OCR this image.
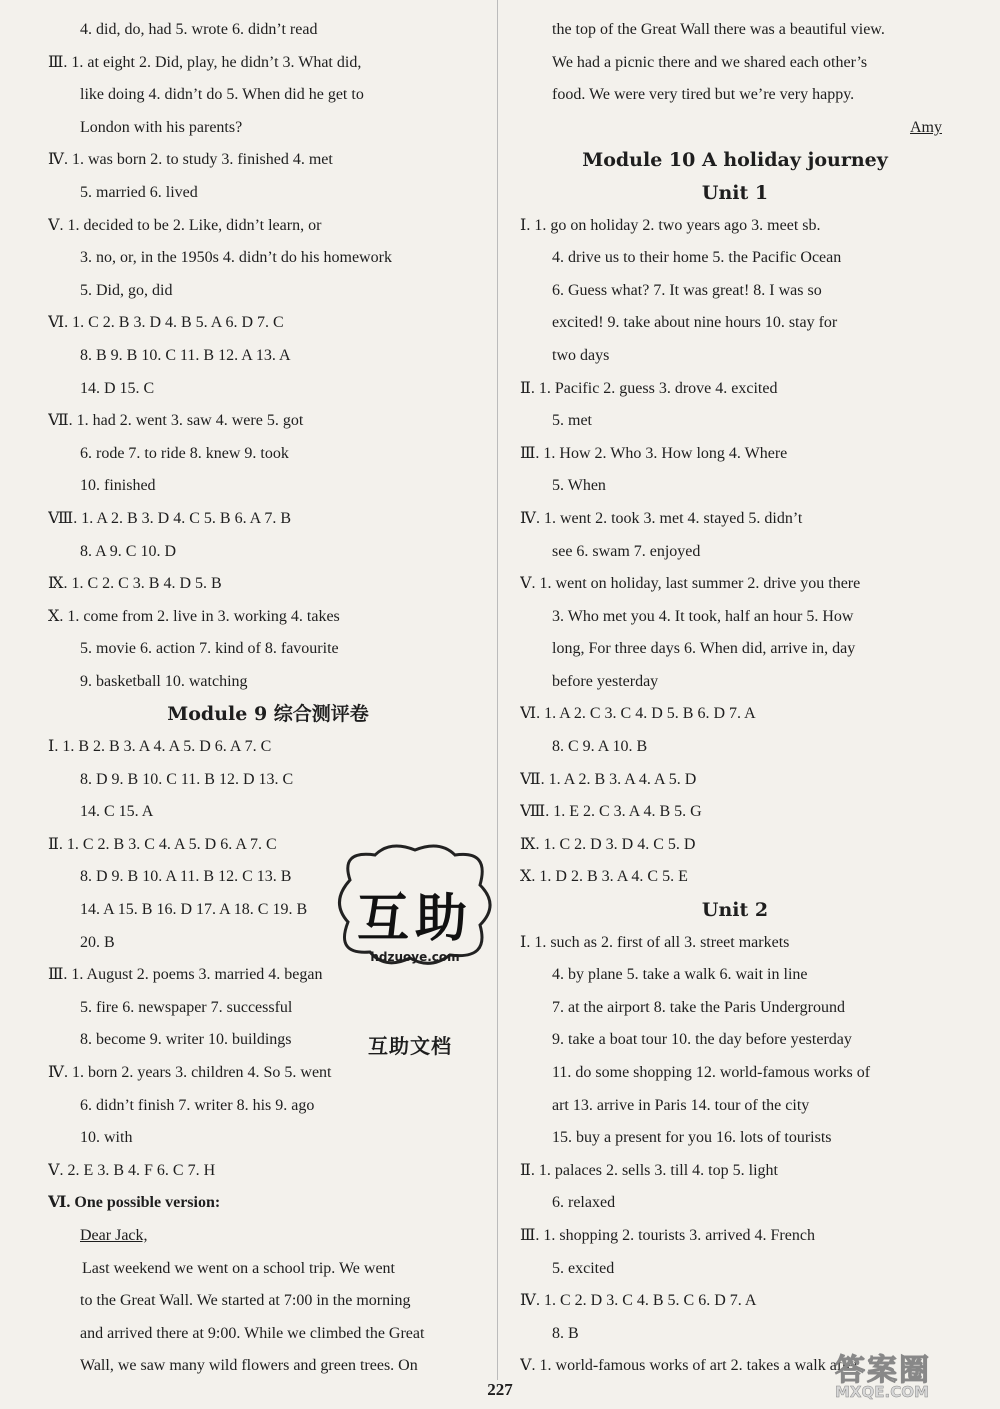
4. did, do, had 5. wrote 6. didn’t read
Ⅲ. 1. at eight 2. Did, play, he didn’t 3. What did,
like doing 4. didn’t do 5. When did he get to
London with his parents?
Ⅳ. 1. was born 2. to study 3. finished 4. met
5. married 6. lived
Ⅴ. 1. decided to be 2. Like, didn’t learn, or
3. no, or, in the 1950s 4. didn’t do his homework
5. Did, go, did
Ⅵ. 1. C 2. B 3. D 4. B 5. A 6. D 7. C
8. B 9. B 10. C 11. B 12. A 13. A
14. D 15. C
Ⅶ. 1. had 2. went 3. saw 4. were 5. got
6. rode 7. to ride 8. knew 9. took
10. finished
Ⅷ. 1. A 2. B 3. D 4. C 5. B 6. A 7. B
8. A 9. C 10. D
Ⅸ. 1. C 2. C 3. B 4. D 5. B
Ⅹ. 1. come from 2. live in 3. working 4. takes
5. movie 6. action 7. kind of 8. favourite
9. basketball 10. watching
Module 9 综合测评卷
Ⅰ. 1. B 2. B 3. A 4. A 5. D 6. A 7. C
8. D 9. B 10. C 11. B 12. D 13. C
14. C 15. A
Ⅱ. 1. C 2. B 3. C 4. A 5. D 6. A 7. C
8. D 9. B 10. A 11. B 12. C 13. B
14. A 15. B 16. D 17. A 18. C 19. B
20. B
Ⅲ. 1. August 2. poems 3. married 4. began
5. fire 6. newspaper 7. successful
8. become 9. writer 10. buildings
Ⅳ. 1. born 2. years 3. children 4. So 5. went
6. didn’t finish 7. writer 8. his 9. ago
10. with
Ⅴ. 2. E 3. B 4. F 6. C 7. H
Ⅵ. One possible version:
Dear Jack,
Last weekend we went on a school trip. We went
to the Great Wall. We started at 7:00 in the morning
and arrived there at 9:00. While we climbed the Great
Wall, we saw many wild flowers and green trees. On
the top of the Great Wall there was a beautiful view.
We had a picnic there and we shared each other’s
food. We were very tired but we’re very happy.
Amy
Module 10 A holiday journey
Unit 1
Ⅰ. 1. go on holiday 2. two years ago 3. meet sb.
4. drive us to their home 5. the Pacific Ocean
6. Guess what? 7. It was great! 8. I was so
excited! 9. take about nine hours 10. stay for
two days
Ⅱ. 1. Pacific 2. guess 3. drove 4. excited
5. met
Ⅲ. 1. How 2. Who 3. How long 4. Where
5. When
Ⅳ. 1. went 2. took 3. met 4. stayed 5. didn’t
see 6. swam 7. enjoyed
Ⅴ. 1. went on holiday, last summer 2. drive you there
3. Who met you 4. It took, half an hour 5. How
long, For three days 6. When did, arrive in, day
before yesterday
Ⅵ. 1. A 2. C 3. C 4. D 5. B 6. D 7. A
8. C 9. A 10. B
Ⅶ. 1. A 2. B 3. A 4. A 5. D
Ⅷ. 1. E 2. C 3. A 4. B 5. G
Ⅸ. 1. C 2. D 3. D 4. C 5. D
Ⅹ. 1. D 2. B 3. A 4. C 5. E
Unit 2
Ⅰ. 1. such as 2. first of all 3. street markets
4. by plane 5. take a walk 6. wait in line
7. at the airport 8. take the Paris Underground
9. take a boat tour 10. the day before yesterday
11. do some shopping 12. world-famous works of
art 13. arrive in Paris 14. tour of the city
15. buy a present for you 16. lots of tourists
Ⅱ. 1. palaces 2. sells 3. till 4. top 5. light
6. relaxed
Ⅲ. 1. shopping 2. tourists 3. arrived 4. French
5. excited
Ⅳ. 1. C 2. D 3. C 4. B 5. C 6. D 7. A
8. B
Ⅴ. 1. world-famous works of art 2. takes a walk after
互助
hdzuoye.com
互助文档
227
答案圈
MXQE.COM
